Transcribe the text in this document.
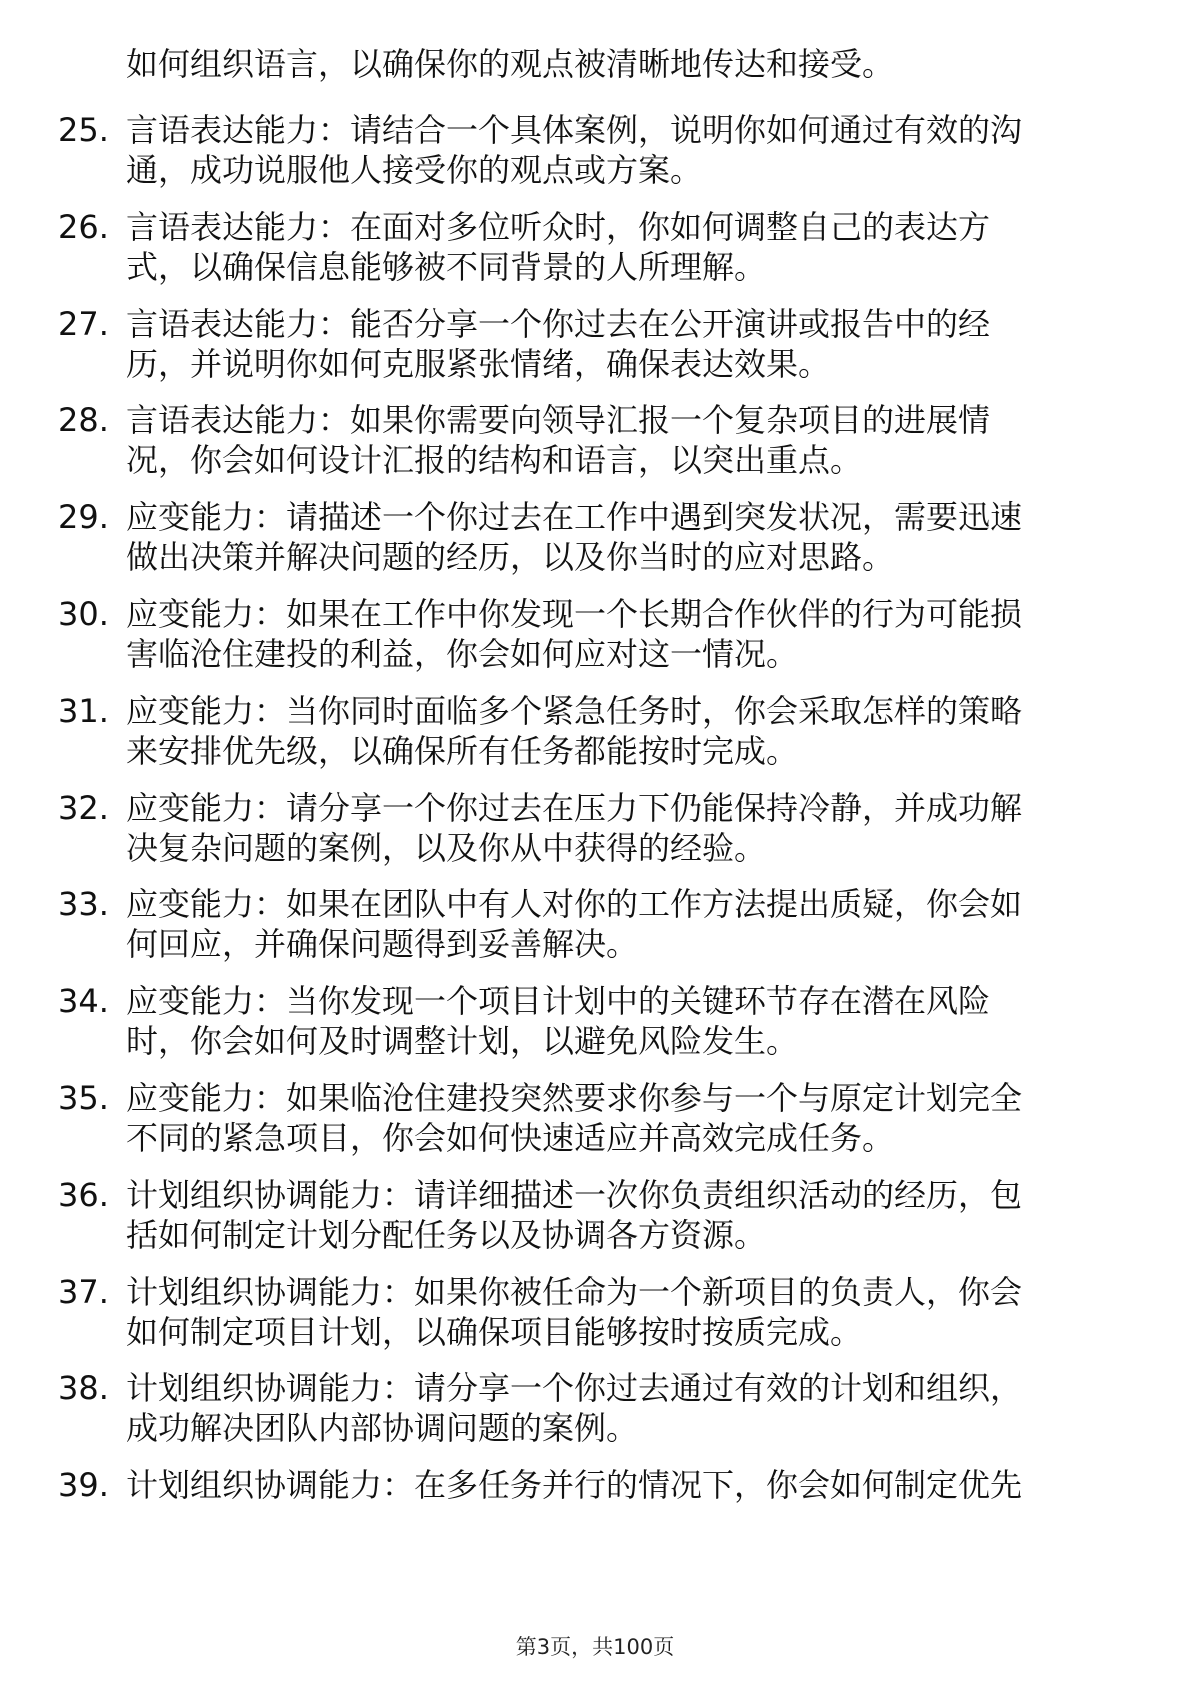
如何组织语言，以确保你的观点被清晰地传达和接受。
25. 言语表达能力：请结合一个具体案例，说明你如何通过有效的沟
通，成功说服他人接受你的观点或方案。
26. 言语表达能力：在面对多位听众时，你如何调整自己的表达方
式，以确保信息能够被不同背景的人所理解。
27. 言语表达能力：能否分享一个你过去在公开演讲或报告中的经
历，并说明你如何克服紧张情绪，确保表达效果。
28. 言语表达能力：如果你需要向领导汇报一个复杂项目的进展情
况，你会如何设计汇报的结构和语言，以突出重点。
29. 应变能力：请描述一个你过去在工作中遇到突发状况，需要迅速
做出决策并解决问题的经历，以及你当时的应对思路。
30. 应变能力：如果在工作中你发现一个长期合作伙伴的行为可能损
害临沧住建投的利益，你会如何应对这一情况。
31. 应变能力：当你同时面临多个紧急任务时，你会采取怎样的策略
来安排优先级，以确保所有任务都能按时完成。
32. 应变能力：请分享一个你过去在压力下仍能保持冷静，并成功解
决复杂问题的案例，以及你从中获得的经验。
33. 应变能力：如果在团队中有人对你的工作方法提出质疑，你会如
何回应，并确保问题得到妥善解决。
34. 应变能力：当你发现一个项目计划中的关键环节存在潜在风险
时，你会如何及时调整计划，以避免风险发生。
35. 应变能力：如果临沧住建投突然要求你参与一个与原定计划完全
不同的紧急项目，你会如何快速适应并高效完成任务。
36. 计划组织协调能力：请详细描述一次你负责组织活动的经历，包
括如何制定计划分配任务以及协调各方资源。
37. 计划组织协调能力：如果你被任命为一个新项目的负责人，你会
如何制定项目计划，以确保项目能够按时按质完成。
38. 计划组织协调能力：请分享一个你过去通过有效的计划和组织，
成功解决团队内部协调问题的案例。
39. 计划组织协调能力：在多任务并行的情况下，你会如何制定优先
第3页，共100页
